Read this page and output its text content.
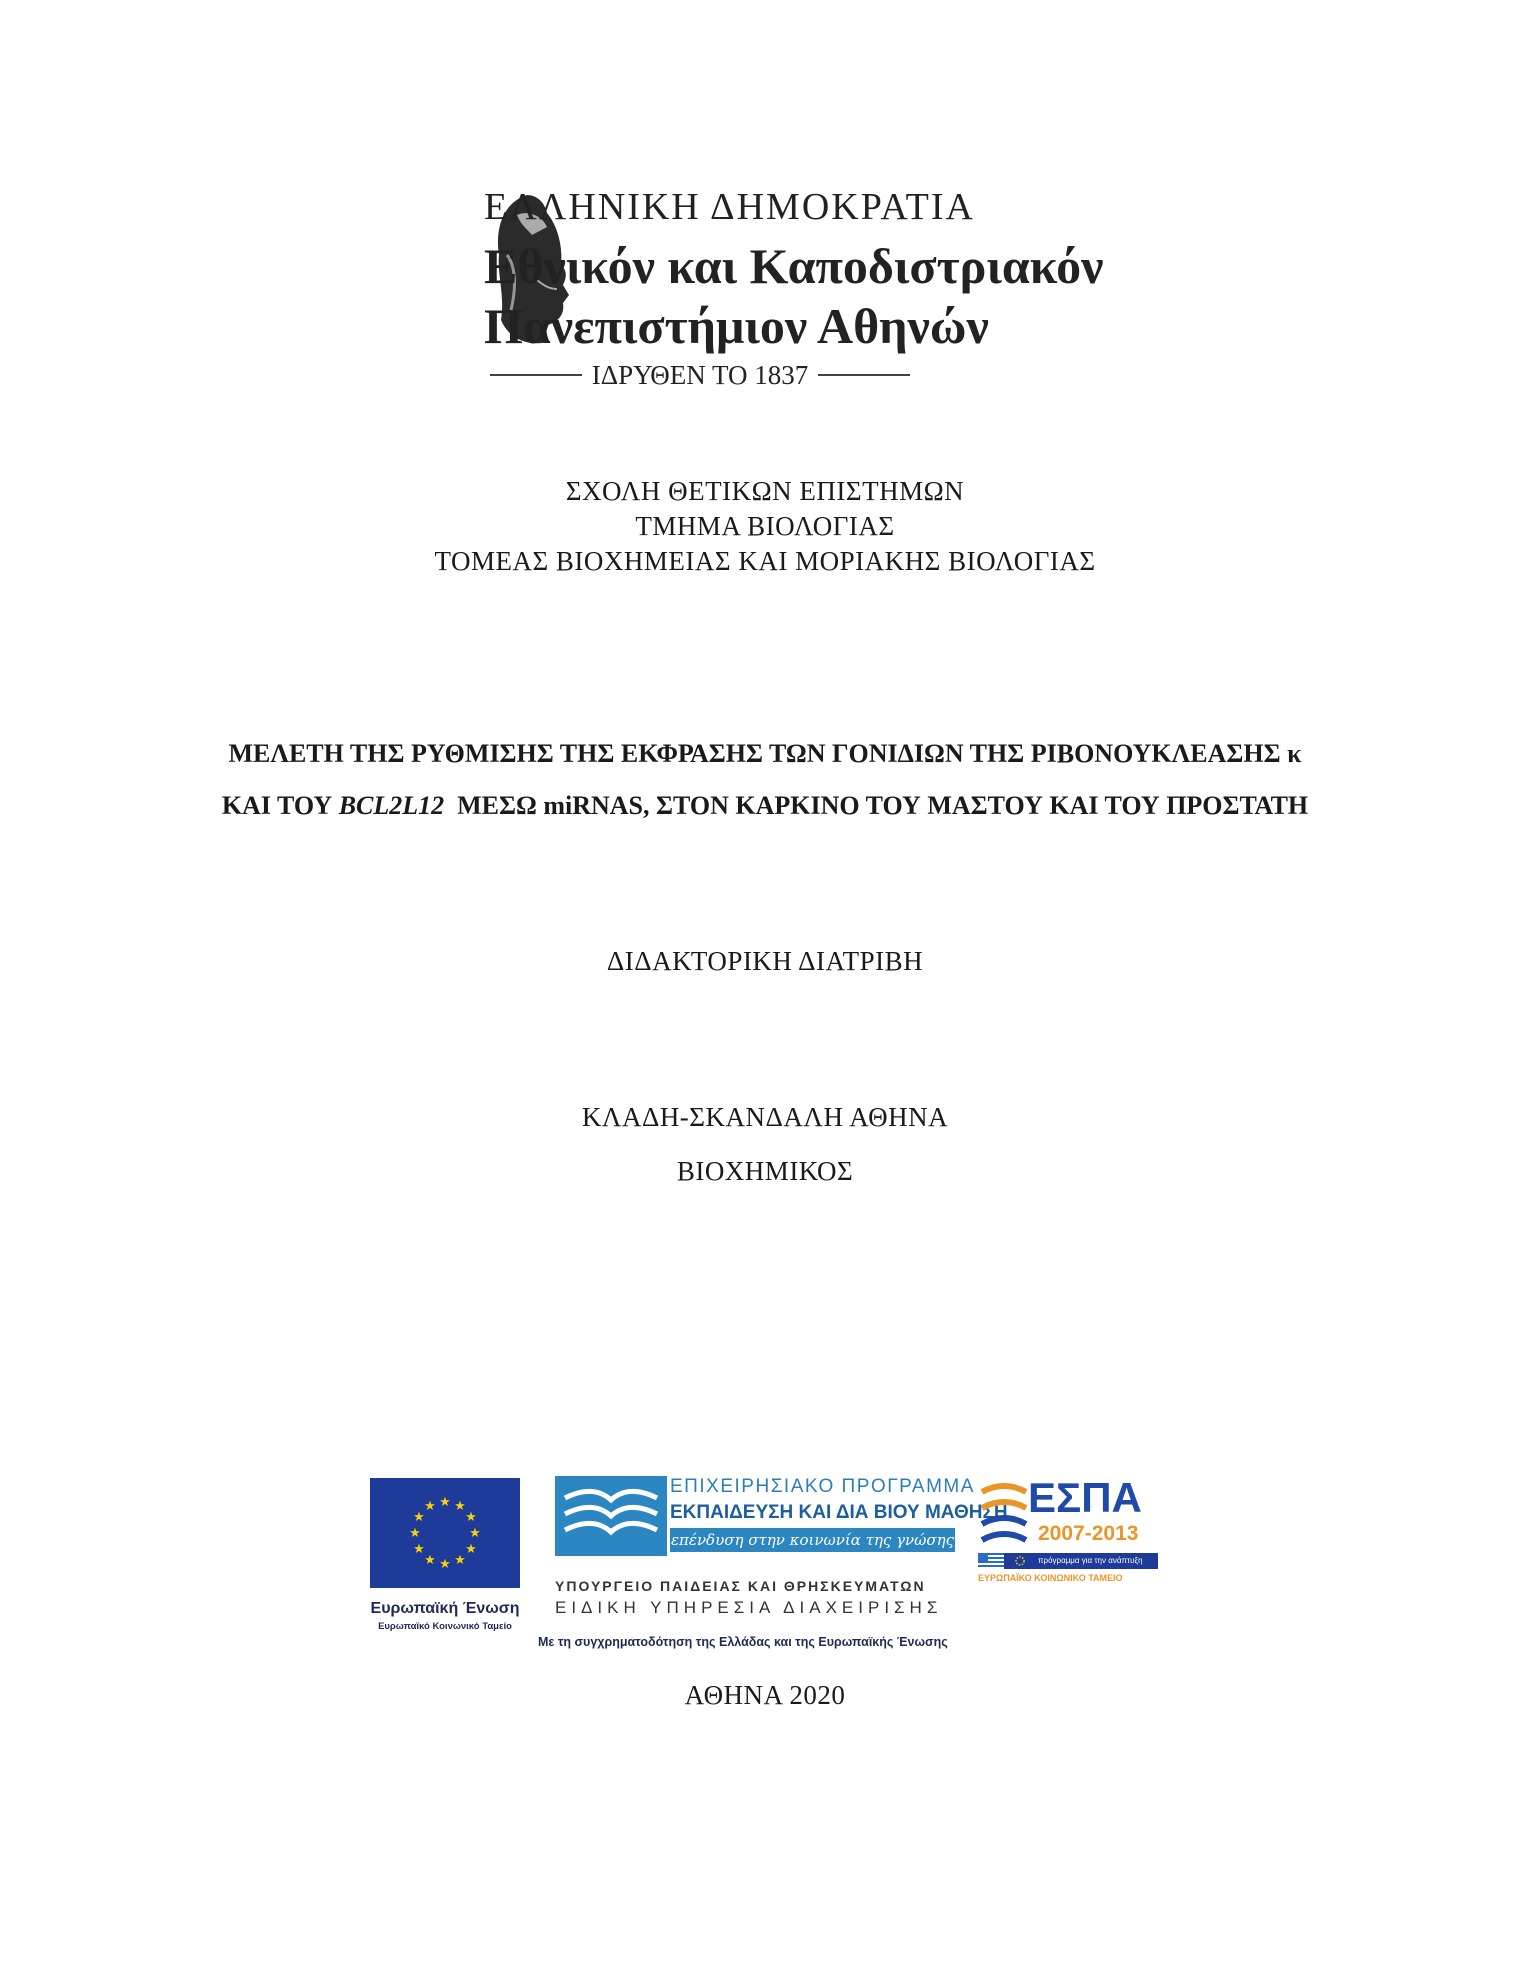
ΕΛΛΗΝΙΚΗ ΔΗΜΟΚΡΑΤΙΑ
Εθνικόν και Καποδιστριακόν
Πανεπιστήμιον Αθηνών
ΙΔΡΥΘΕΝ ΤΟ 1837
ΣΧΟΛΗ ΘΕΤΙΚΩΝ ΕΠΙΣΤΗΜΩΝ
ΤΜΗΜΑ ΒΙΟΛΟΓΙΑΣ
ΤΟΜΕΑΣ ΒΙΟΧΗΜΕΙΑΣ ΚΑΙ ΜΟΡΙΑΚΗΣ ΒΙΟΛΟΓΙΑΣ
ΜΕΛΕΤΗ ΤΗΣ ΡΥΘΜΙΣΗΣ ΤΗΣ ΕΚΦΡΑΣΗΣ ΤΩΝ ΓΟΝΙΔΙΩΝ ΤΗΣ ΡΙΒΟΝΟΥΚΛΕΑΣΗΣ κ
ΚΑΙ ΤΟΥ BCL2L12  ΜΕΣΩ miRNAS, ΣΤΟΝ ΚΑΡΚΙΝΟ ΤΟΥ ΜΑΣΤΟΥ ΚΑΙ ΤΟΥ ΠΡΟΣΤΑΤΗ
ΔΙΔΑΚΤΟΡΙΚΗ ΔΙΑΤΡΙΒΗ
ΚΛΑΔΗ-ΣΚΑΝΔΑΛΗ ΑΘΗΝΑ
ΒΙΟΧΗΜΙΚΟΣ
★ ★
★
★
★
★
★
★
★
★
★
★
Ευρωπαϊκή Ένωση
Ευρωπαϊκό Κοινωνικό Ταμείο
ΕΠΙΧΕΙΡΗΣΙΑΚΟ ΠΡΟΓΡΑΜΜΑ
ΕΚΠΑΙΔΕΥΣΗ ΚΑΙ ΔΙΑ ΒΙΟΥ ΜΑΘΗΣΗ
επένδυση στην κοινωνία της γνώσης
ΥΠΟΥΡΓΕΙΟ ΠΑΙΔΕΙΑΣ ΚΑΙ ΘΡΗΣΚΕΥΜΑΤΩΝ
ΕΙΔΙΚΗ ΥΠΗΡΕΣΙΑ ΔΙΑΧΕΙΡΙΣΗΣ
Με τη συγχρηματοδότηση της Ελλάδας και της Ευρωπαϊκής Ένωσης
ΕΣΠΑ
2007-2013
πρόγραμμα για την ανάπτυξη
ΕΥΡΩΠΑΪΚΟ ΚΟΙΝΩΝΙΚΟ ΤΑΜΕΙΟ
ΑΘΗΝΑ 2020
